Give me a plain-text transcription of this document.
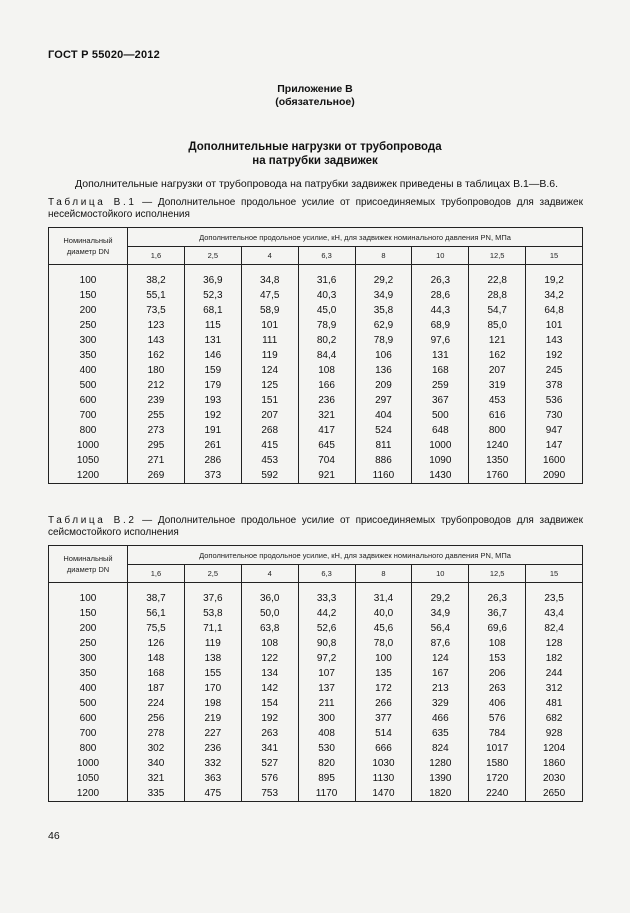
ГОСТ Р 55020—2012
Приложение В
(обязательное)
Дополнительные нагрузки от трубопровода
на патрубки задвижек
Дополнительные нагрузки от трубопровода на патрубки задвижек приведены в таблицах В.1—В.6.
Таблица В.1 — Дополнительное продольное усилие от присоединяемых трубопроводов для задвижек несейсмостойкого исполнения
Номинальный диаметр DN	Дополнительное продольное усилие, кН, для задвижек номинального давления PN, МПа							
	1,6	2,5	4	6,3	8	10	12,5	15
100	38,2	36,9	34,8	31,6	29,2	26,3	22,8	19,2
150	55,1	52,3	47,5	40,3	34,9	28,6	28,8	34,2
200	73,5	68,1	58,9	45,0	35,8	44,3	54,7	64,8
250	123	115	101	78,9	62,9	68,9	85,0	101
300	143	131	111	80,2	78,9	97,6	121	143
350	162	146	119	84,4	106	131	162	192
400	180	159	124	108	136	168	207	245
500	212	179	125	166	209	259	319	378
600	239	193	151	236	297	367	453	536
700	255	192	207	321	404	500	616	730
800	273	191	268	417	524	648	800	947
1000	295	261	415	645	811	1000	1240	147
1050	271	286	453	704	886	1090	1350	1600
1200	269	373	592	921	1160	1430	1760	2090
Таблица В.2 — Дополнительное продольное усилие от присоединяемых трубопроводов для задвижек сейсмостойкого исполнения
Номинальный диаметр DN	Дополнительное продольное усилие, кН, для задвижек номинального давления PN, МПа							
	1,6	2,5	4	6,3	8	10	12,5	15
100	38,7	37,6	36,0	33,3	31,4	29,2	26,3	23,5
150	56,1	53,8	50,0	44,2	40,0	34,9	36,7	43,4
200	75,5	71,1	63,8	52,6	45,6	56,4	69,6	82,4
250	126	119	108	90,8	78,0	87,6	108	128
300	148	138	122	97,2	100	124	153	182
350	168	155	134	107	135	167	206	244
400	187	170	142	137	172	213	263	312
500	224	198	154	211	266	329	406	481
600	256	219	192	300	377	466	576	682
700	278	227	263	408	514	635	784	928
800	302	236	341	530	666	824	1017	1204
1000	340	332	527	820	1030	1280	1580	1860
1050	321	363	576	895	1130	1390	1720	2030
1200	335	475	753	1170	1470	1820	2240	2650
46
